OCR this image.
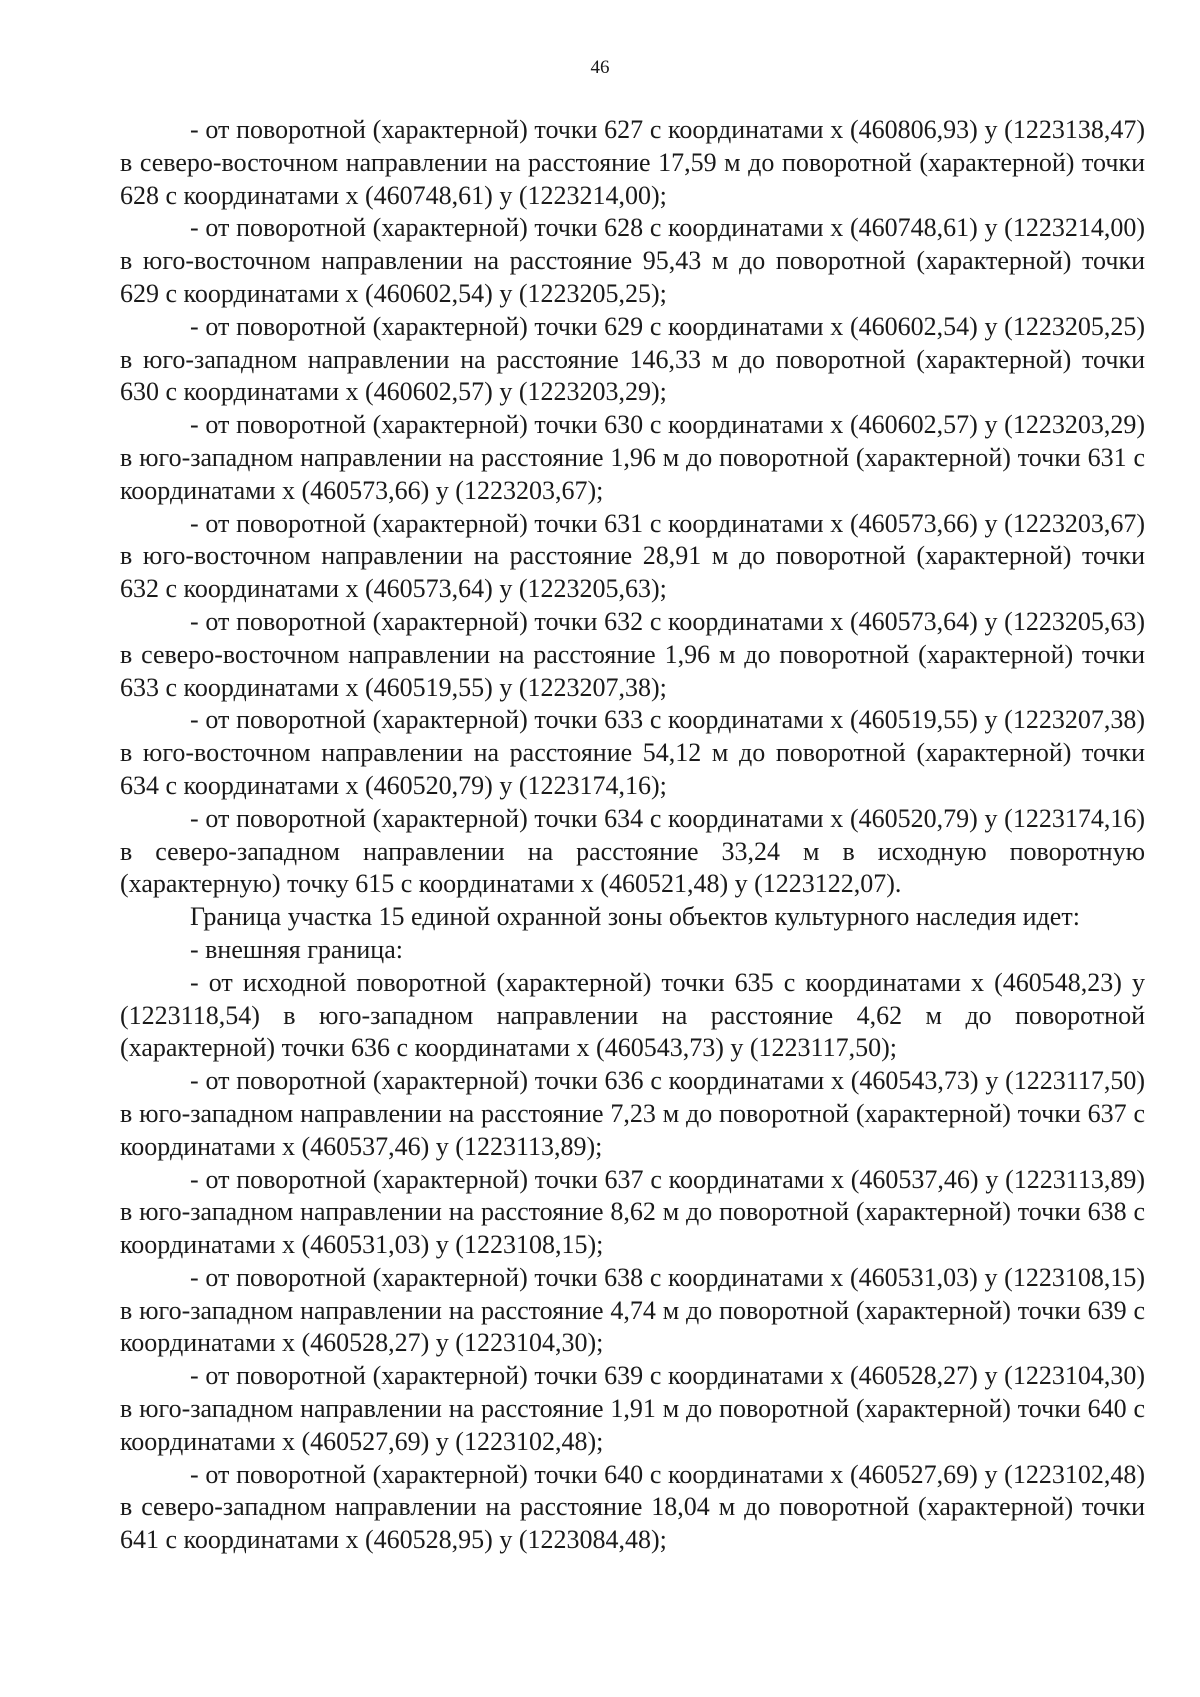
46

- от поворотной (характерной) точки 627 с координатами х (460806,93) у (1223138,47) в северо-восточном направлении на расстояние 17,59 м до поворотной (характерной) точки 628 с координатами х (460748,61) у (1223214,00);

- от поворотной (характерной) точки 628 с координатами х (460748,61) у (1223214,00) в юго-восточном направлении на расстояние 95,43 м до поворотной (характерной) точки 629 с координатами х (460602,54) у (1223205,25);

- от поворотной (характерной) точки 629 с координатами х (460602,54) у (1223205,25) в юго-западном направлении на расстояние 146,33 м до поворотной (характерной) точки 630 с координатами х (460602,57) у (1223203,29);

- от поворотной (характерной) точки 630 с координатами х (460602,57) у (1223203,29) в юго-западном направлении на расстояние 1,96 м до поворотной (характерной) точки 631 с координатами х (460573,66) у (1223203,67);

- от поворотной (характерной) точки 631 с координатами х (460573,66) у (1223203,67) в юго-восточном направлении на расстояние 28,91 м до поворотной (характерной) точки 632 с координатами х (460573,64) у (1223205,63);

- от поворотной (характерной) точки 632 с координатами х (460573,64) у (1223205,63) в северо-восточном направлении на расстояние 1,96 м до поворотной (характерной) точки 633 с координатами х (460519,55) у (1223207,38);

- от поворотной (характерной) точки 633 с координатами х (460519,55) у (1223207,38) в юго-восточном направлении на расстояние 54,12 м до поворотной (характерной) точки 634 с координатами х (460520,79) у (1223174,16);

- от поворотной (характерной) точки 634 с координатами х (460520,79) у (1223174,16) в северо-западном направлении на расстояние 33,24 м в исходную поворотную (характерную) точку 615 с координатами х (460521,48) у (1223122,07).

Граница участка 15 единой охранной зоны объектов культурного наследия идет:

- внешняя граница:

- от исходной поворотной (характерной) точки 635 с координатами х (460548,23) у (1223118,54) в юго-западном направлении на расстояние 4,62 м до поворотной (характерной) точки 636 с координатами х (460543,73) у (1223117,50);

- от поворотной (характерной) точки 636 с координатами х (460543,73) у (1223117,50) в юго-западном направлении на расстояние 7,23 м до поворотной (характерной) точки 637 с координатами х (460537,46) у (1223113,89);

- от поворотной (характерной) точки 637 с координатами х (460537,46) у (1223113,89) в юго-западном направлении на расстояние 8,62 м до поворотной (характерной) точки 638 с координатами х (460531,03) у (1223108,15);

- от поворотной (характерной) точки 638 с координатами х (460531,03) у (1223108,15) в юго-западном направлении на расстояние 4,74 м до поворотной (характерной) точки 639 с координатами х (460528,27) у (1223104,30);

- от поворотной (характерной) точки 639 с координатами х (460528,27) у (1223104,30) в юго-западном направлении на расстояние 1,91 м до поворотной (характерной) точки 640 с координатами х (460527,69) у (1223102,48);

- от поворотной (характерной) точки 640 с координатами х (460527,69) у (1223102,48) в северо-западном направлении на расстояние 18,04 м до поворотной (характерной) точки 641 с координатами х (460528,95) у (1223084,48);
